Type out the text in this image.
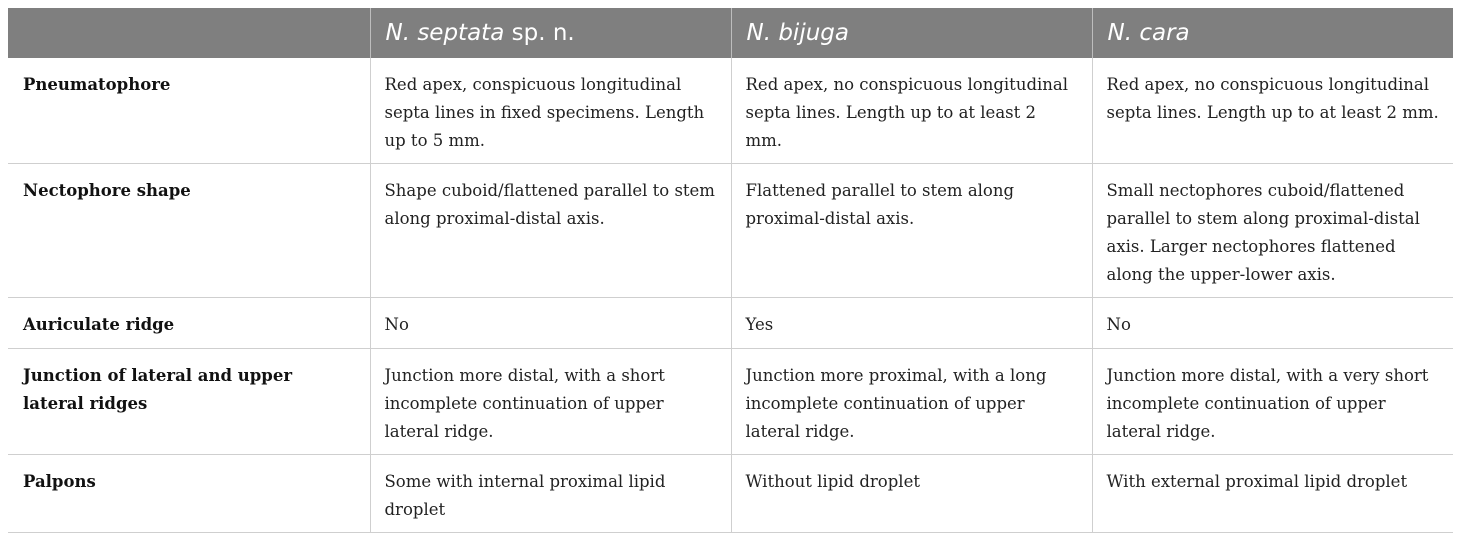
	N. septata sp. n.	N. bijuga	N. cara
Pneumatophore	Red apex, conspicuous longitudinal septa lines in fixed specimens. Length up to 5 mm.	Red apex, no conspicuous longitudinal septa lines. Length up to at least 2 mm.	Red apex, no conspicuous longitudinal septa lines. Length up to at least 2 mm.
Nectophore shape	Shape cuboid/flattened parallel to stem along proximal-distal axis.	Flattened parallel to stem along proximal-distal axis.	Small nectophores cuboid/flattened parallel to stem along proximal-distal axis. Larger nectophores flattened along the upper-lower axis.
Auriculate ridge	No	Yes	No
Junction of lateral and upper lateral ridges	Junction more distal, with a short incomplete continuation of upper lateral ridge.	Junction more proximal, with a long incomplete continuation of upper lateral ridge.	Junction more distal, with a very short incomplete continuation of upper lateral ridge.
Palpons	Some with internal proximal lipid droplet	Without lipid droplet	With external proximal lipid droplet
